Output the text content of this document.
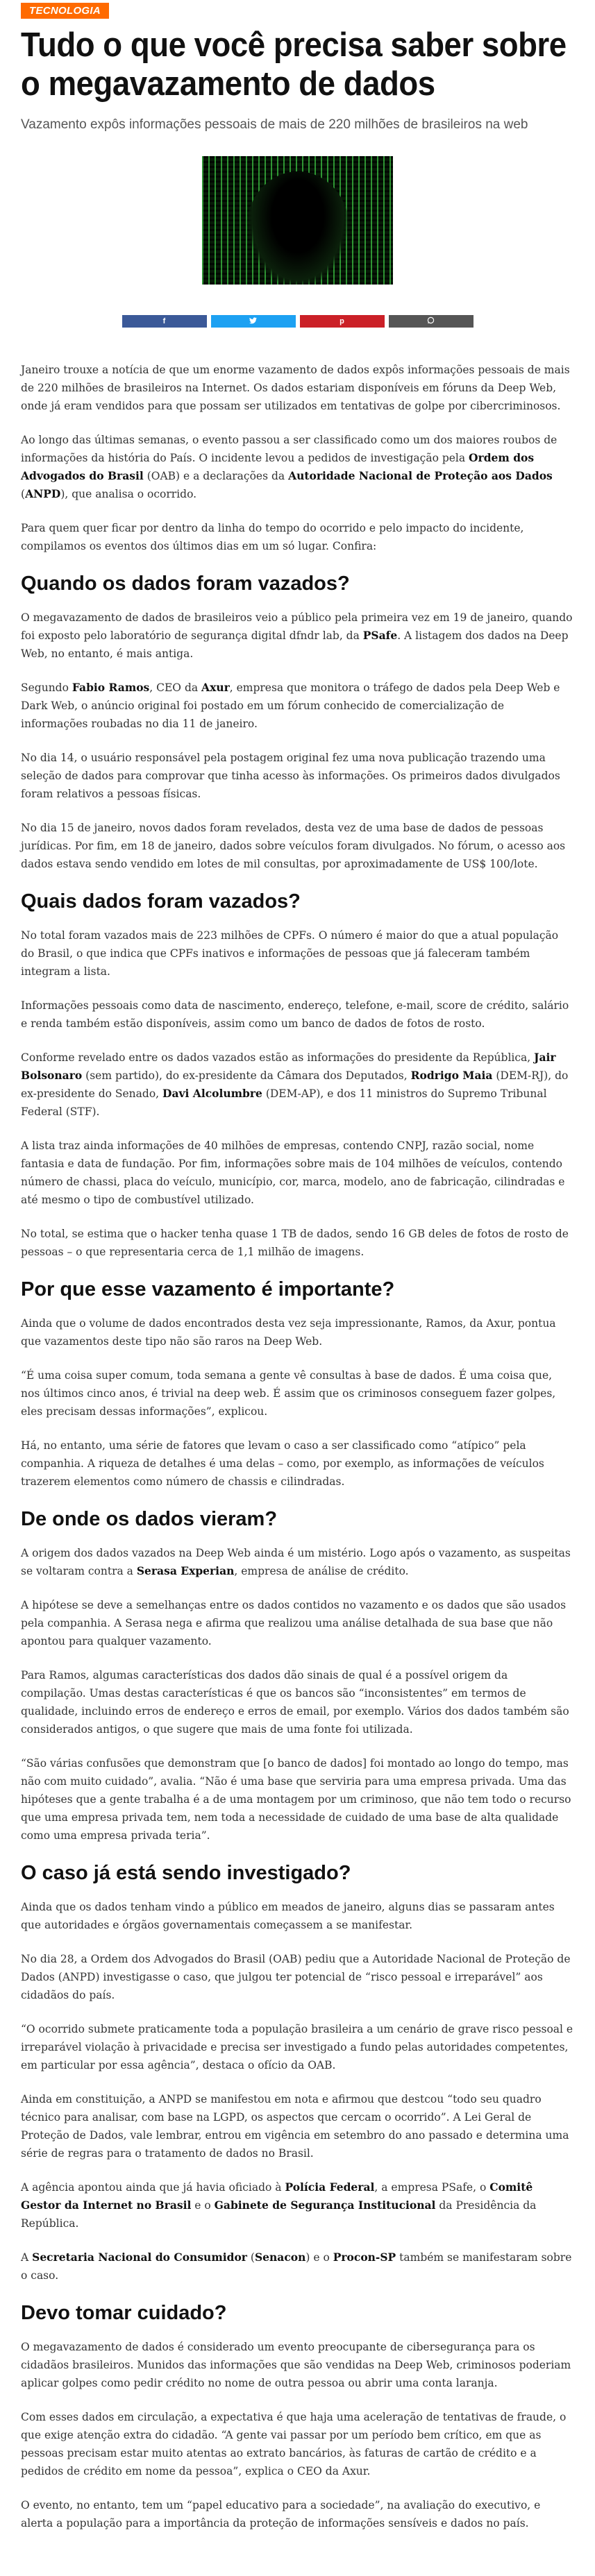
TECNOLOGIA
Tudo o que você precisa saber sobre o megavazamento de dados
Vazamento expôs informações pessoais de mais de 220 milhões de brasileiros na web
f	p

Janeiro trouxe a notícia de que um enorme vazamento de dados expôs informações pessoais de mais de 220 milhões de brasileiros na Internet. Os dados estariam disponíveis em fóruns da Deep Web, onde já eram vendidos para que possam ser utilizados em tentativas de golpe por cibercriminosos.

Ao longo das últimas semanas, o evento passou a ser classificado como um dos maiores roubos de informações da história do País. O incidente levou a pedidos de investigação pela Ordem dos Advogados do Brasil (OAB) e a declarações da Autoridade Nacional de Proteção aos Dados (ANPD), que analisa o ocorrido.

Para quem quer ficar por dentro da linha do tempo do ocorrido e pelo impacto do incidente, compilamos os eventos dos últimos dias em um só lugar. Confira:

Quando os dados foram vazados?

O megavazamento de dados de brasileiros veio a público pela primeira vez em 19 de janeiro, quando foi exposto pelo laboratório de segurança digital dfndr lab, da PSafe. A listagem dos dados na Deep Web, no entanto, é mais antiga.

Segundo Fabio Ramos, CEO da Axur, empresa que monitora o tráfego de dados pela Deep Web e Dark Web, o anúncio original foi postado em um fórum conhecido de comercialização de informações roubadas no dia 11 de janeiro.

No dia 14, o usuário responsável pela postagem original fez uma nova publicação trazendo uma seleção de dados para comprovar que tinha acesso às informações. Os primeiros dados divulgados foram relativos a pessoas físicas.

No dia 15 de janeiro, novos dados foram revelados, desta vez de uma base de dados de pessoas jurídicas. Por fim, em 18 de janeiro, dados sobre veículos foram divulgados. No fórum, o acesso aos dados estava sendo vendido em lotes de mil consultas, por aproximadamente de US$ 100/lote.

Quais dados foram vazados?

No total foram vazados mais de 223 milhões de CPFs. O número é maior do que a atual população do Brasil, o que indica que CPFs inativos e informações de pessoas que já faleceram também integram a lista.

Informações pessoais como data de nascimento, endereço, telefone, e-mail, score de crédito, salário e renda também estão disponíveis, assim como um banco de dados de fotos de rosto.

Conforme revelado entre os dados vazados estão as informações do presidente da República, Jair Bolsonaro (sem partido), do ex-presidente da Câmara dos Deputados, Rodrigo Maia (DEM-RJ), do ex-presidente do Senado, Davi Alcolumbre (DEM-AP), e dos 11 ministros do Supremo Tribunal Federal (STF).

A lista traz ainda informações de 40 milhões de empresas, contendo CNPJ, razão social, nome fantasia e data de fundação. Por fim, informações sobre mais de 104 milhões de veículos, contendo número de chassi, placa do veículo, município, cor, marca, modelo, ano de fabricação, cilindradas e até mesmo o tipo de combustível utilizado.

No total, se estima que o hacker tenha quase 1 TB de dados, sendo 16 GB deles de fotos de rosto de pessoas – o que representaria cerca de 1,1 milhão de imagens.

Por que esse vazamento é importante?

Ainda que o volume de dados encontrados desta vez seja impressionante, Ramos, da Axur, pontua que vazamentos deste tipo não são raros na Deep Web.

“É uma coisa super comum, toda semana a gente vê consultas à base de dados. É uma coisa que, nos últimos cinco anos, é trivial na deep web. É assim que os criminosos conseguem fazer golpes, eles precisam dessas informações”, explicou.

Há, no entanto, uma série de fatores que levam o caso a ser classificado como “atípico” pela companhia. A riqueza de detalhes é uma delas – como, por exemplo, as informações de veículos trazerem elementos como número de chassis e cilindradas.

De onde os dados vieram?

A origem dos dados vazados na Deep Web ainda é um mistério. Logo após o vazamento, as suspeitas se voltaram contra a Serasa Experian, empresa de análise de crédito.

A hipótese se deve a semelhanças entre os dados contidos no vazamento e os dados que são usados pela companhia. A Serasa nega e afirma que realizou uma análise detalhada de sua base que não apontou para qualquer vazamento.

Para Ramos, algumas características dos dados dão sinais de qual é a possível origem da compilação. Umas destas características é que os bancos são “inconsistentes” em termos de qualidade, incluindo erros de endereço e erros de email, por exemplo. Vários dos dados também são considerados antigos, o que sugere que mais de uma fonte foi utilizada.

“São várias confusões que demonstram que [o banco de dados] foi montado ao longo do tempo, mas não com muito cuidado”, avalia. “Não é uma base que serviria para uma empresa privada. Uma das hipóteses que a gente trabalha é a de uma montagem por um criminoso, que não tem todo o recurso que uma empresa privada tem, nem toda a necessidade de cuidado de uma base de alta qualidade como uma empresa privada teria”.

O caso já está sendo investigado?

Ainda que os dados tenham vindo a público em meados de janeiro, alguns dias se passaram antes que autoridades e órgãos governamentais começassem a se manifestar.

No dia 28, a Ordem dos Advogados do Brasil (OAB) pediu que a Autoridade Nacional de Proteção de Dados (ANPD) investigasse o caso, que julgou ter potencial de “risco pessoal e irreparável” aos cidadãos do país.

“O ocorrido submete praticamente toda a população brasileira a um cenário de grave risco pessoal e irreparável violação à privacidade e precisa ser investigado a fundo pelas autoridades competentes, em particular por essa agência”, destaca o ofício da OAB.

Ainda em constituição, a ANPD se manifestou em nota e afirmou que destcou “todo seu quadro técnico para analisar, com base na LGPD, os aspectos que cercam o ocorrido”. A Lei Geral de Proteção de Dados, vale lembrar, entrou em vigência em setembro do ano passado e determina uma série de regras para o tratamento de dados no Brasil.

A agência apontou ainda que já havia oficiado à Polícia Federal, a empresa PSafe, o Comitê Gestor da Internet no Brasil e o Gabinete de Segurança Institucional da Presidência da República.

A Secretaria Nacional do Consumidor (Senacon) e o Procon-SP também se manifestaram sobre o caso.

Devo tomar cuidado?

O megavazamento de dados é considerado um evento preocupante de cibersegurança para os cidadãos brasileiros. Munidos das informações que são vendidas na Deep Web, criminosos poderiam aplicar golpes como pedir crédito no nome de outra pessoa ou abrir uma conta laranja.

Com esses dados em circulação, a expectativa é que haja uma aceleração de tentativas de fraude, o que exige atenção extra do cidadão. “A gente vai passar por um período bem crítico, em que as pessoas precisam estar muito atentas ao extrato bancários, às faturas de cartão de crédito e a pedidos de crédito em nome da pessoa”, explica o CEO da Axur.

O evento, no entanto, tem um “papel educativo para a sociedade”, na avaliação do executivo, e alerta a população para a importância da proteção de informações sensíveis e dados no país.
